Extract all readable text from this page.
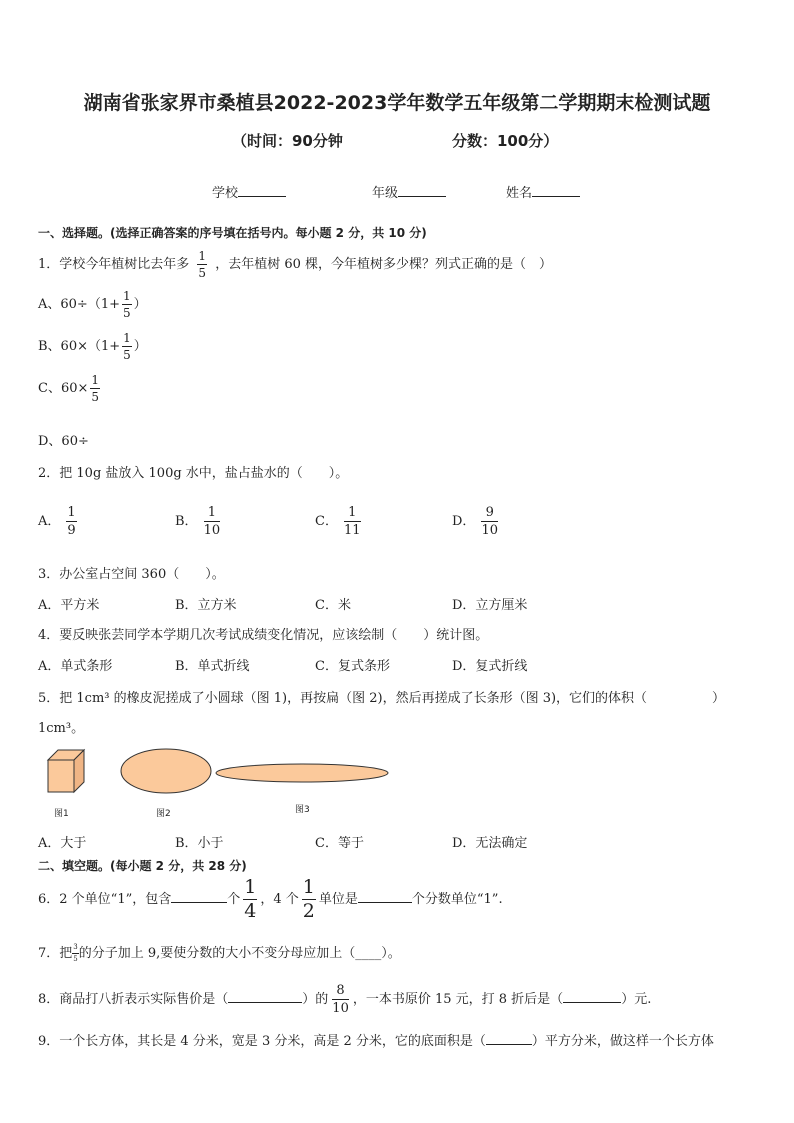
湖南省张家界市桑植县2022-2023学年数学五年级第二学期期末检测试题
（时间：90分钟	分数：100分）
学校	年级	姓名
一、选择题。(选择正确答案的序号填在括号内。每小题 2 分，共 10 分)
1．学校今年植树比去年多 $\frac{1}{5}$ ，去年植树 60 棵，今年植树多少棵？列式正确的是（　）
A、$60\div(1+ \frac{1}{5}$ ）
B、$60\times(1+ \frac{1}{5}$ ）
C、$60\times \frac{1}{5}$
D、60÷
2．把 10g 盐放入 100g 水中，盐占盐水的（　　）。
A． $\frac{1}{9}$	B． $\frac{1}{10}$	C． $\frac{1}{11}$	D． $\frac{9}{10}$
3．办公室占空间 360（　　）。
A．平方米	B．立方米	C．米	D．立方厘米
4．要反映张芸同学本学期几次考试成绩变化情况，应该绘制（　　）统计图。
A．单式条形	B．单式折线	C．复式条形	D．复式折线
5．把 1cm³ 的橡皮泥搓成了小圆球（图 1)，再按扁（图 2)，然后再搓成了长条形（图 3)，它们的体积（　　　　　）
1cm³。
图1	图2	图3
A．大于	B．小于	C．等于	D．无法确定
二、填空题。(每小题 2 分，共 28 分)
6．2 个单位“1”，包含	个 $\frac{1}{4}$ ，4 个 $\frac{1}{2}$ 单位是	个分数单位“1”.
7．把 $\frac{3}{5}$ 的分子加上 9,要使分数的大小不变分母应加上（____）。
8．商品打八折表示实际售价是（	）的 $\frac{8}{10}$ ，一本书原价 15 元，打 8 折后是（	）元.
9．一个长方体，其长是 4 分米，宽是 3 分米，高是 2 分米，它的底面积是（	）平方分米，做这样一个长方体
